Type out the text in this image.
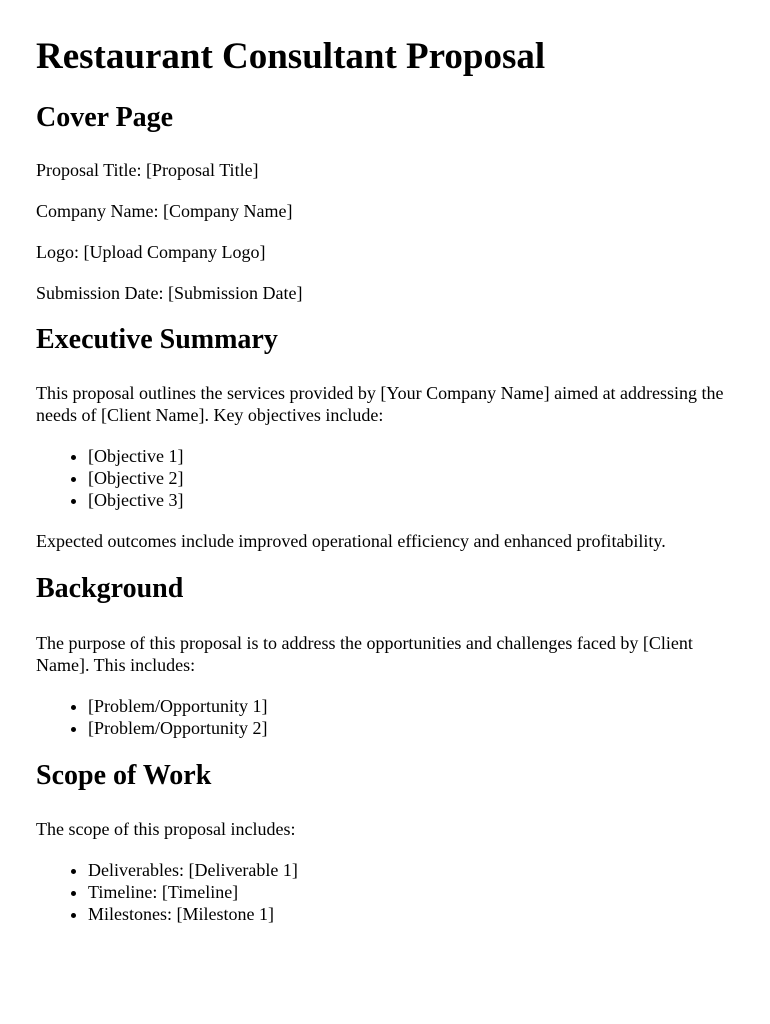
Restaurant Consultant Proposal
Cover Page

Proposal Title: [Proposal Title]

Company Name: [Company Name]

Logo: [Upload Company Logo]

Submission Date: [Submission Date]

Executive Summary

This proposal outlines the services provided by [Your Company Name] aimed at addressing the needs of [Client Name]. Key objectives include:

• [Objective 1]
• [Objective 2]
• [Objective 3]

Expected outcomes include improved operational efficiency and enhanced profitability.

Background

The purpose of this proposal is to address the opportunities and challenges faced by [Client Name]. This includes:

• [Problem/Opportunity 1]
• [Problem/Opportunity 2]
Scope of Work

The scope of this proposal includes:

• Deliverables: [Deliverable 1]
• Timeline: [Timeline]
• Milestones: [Milestone 1]
